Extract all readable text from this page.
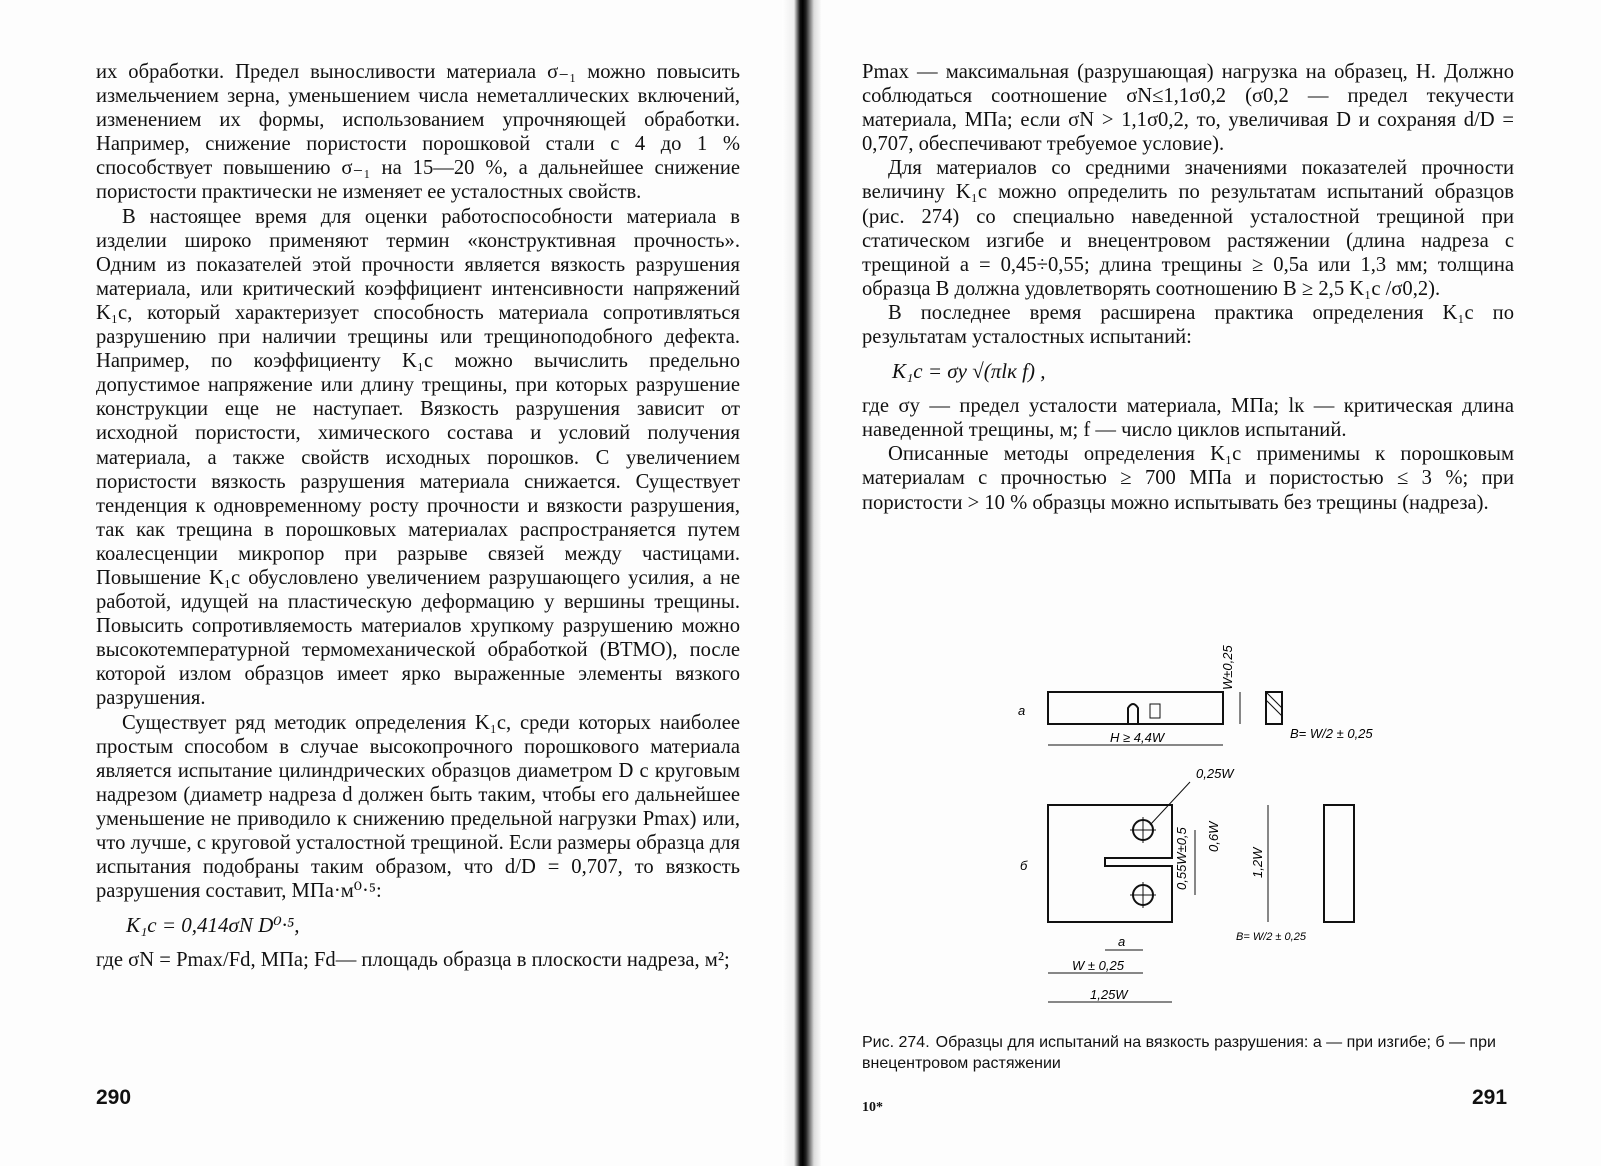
их обработки. Предел выносливости материала σ₋₁ можно повысить измельчением зерна, уменьшением числа неметаллических включений, изменением их формы, использованием упрочняющей обработки. Например, снижение пористости порошковой стали с 4 до 1 % способствует повышению σ₋₁ на 15—20 %, а дальнейшее снижение пористости практически не изменяет ее усталостных свойств.

В настоящее время для оценки работоспособности материала в изделии широко применяют термин «конструктивная прочность». Одним из показателей этой прочности является вязкость разрушения материала, или критический коэффициент интенсивности напряжений K₁c, который характеризует способность материала сопротивляться разрушению при наличии трещины или трещиноподобного дефекта. Например, по коэффициенту K₁c можно вычислить предельно допустимое напряжение или длину трещины, при которых разрушение конструкции еще не наступает. Вязкость разрушения зависит от исходной пористости, химического состава и условий получения материала, а также свойств исходных порошков. С увеличением пористости вязкость разрушения материала снижается. Существует тенденция к одновременному росту прочности и вязкости разрушения, так как трещина в порошковых материалах распространяется путем коалесценции микропор при разрыве связей между частицами. Повышение K₁c обусловлено увеличением разрушающего усилия, а не работой, идущей на пластическую деформацию у вершины трещины. Повысить сопротивляемость материалов хрупкому разрушению можно высокотемпературной термомеханической обработкой (ВТМО), после которой излом образцов имеет ярко выраженные элементы вязкого разрушения.

Существует ряд методик определения K₁c, среди которых наиболее простым способом в случае высокопрочного порошкового материала является испытание цилиндрических образцов диаметром D с круговым надрезом (диаметр надреза d должен быть таким, чтобы его дальнейшее уменьшение не приводило к снижению предельной нагрузки Pmax) или, что лучше, с круговой усталостной трещиной. Если размеры образца для испытания подобраны таким образом, что d/D = 0,707, то вязкость разрушения составит, МПа·м⁰·⁵:

K₁c = 0,414σN D⁰·⁵,

где σN = Pmax/Fd, МПа; Fd— площадь образца в плоскости надреза, м²;

290

Pmax — максимальная (разрушающая) нагрузка на образец, Н. Должно соблюдаться соотношение σN≤1,1σ0,2 (σ0,2 — предел текучести материала, МПа; если σN > 1,1σ0,2, то, увеличивая D и сохраняя d/D = 0,707, обеспечивают требуемое условие).

Для материалов со средними значениями показателей прочности величину K₁c можно определить по результатам испытаний образцов (рис. 274) со специально наведенной усталостной трещиной при статическом изгибе и внецентровом растяжении (длина надреза с трещиной a = 0,45÷0,55; длина трещины ≥ 0,5a или 1,3 мм; толщина образца B должна удовлетворять соотношению B ≥ 2,5 K₁c /σ0,2).

В последнее время расширена практика определения K₁c по результатам усталостных испытаний:

K₁c = σу √(πlк f) ,

где σу — предел усталости материала, МПа; lк — критическая длина наведенной трещины, м; f — число циклов испытаний.

Описанные методы определения K₁c применимы к порошковым материалам с прочностью ≥ 700 МПа и пористостью ≤ 3 %; при пористости > 10 % образцы можно испытывать без трещины (надреза).

а
W±0,25
H ≥ 4,4W	B= W/2 ± 0,25
0,25W
б
0,6W
0,55W±0,5	1,2W
B= W/2 ± 0,25
a
W ± 0,25
1,25W
Рис. 274. Образцы для испытаний на вязкость разрушения: а — при изгибе; б — при внецентровом растяжении
10*	291
